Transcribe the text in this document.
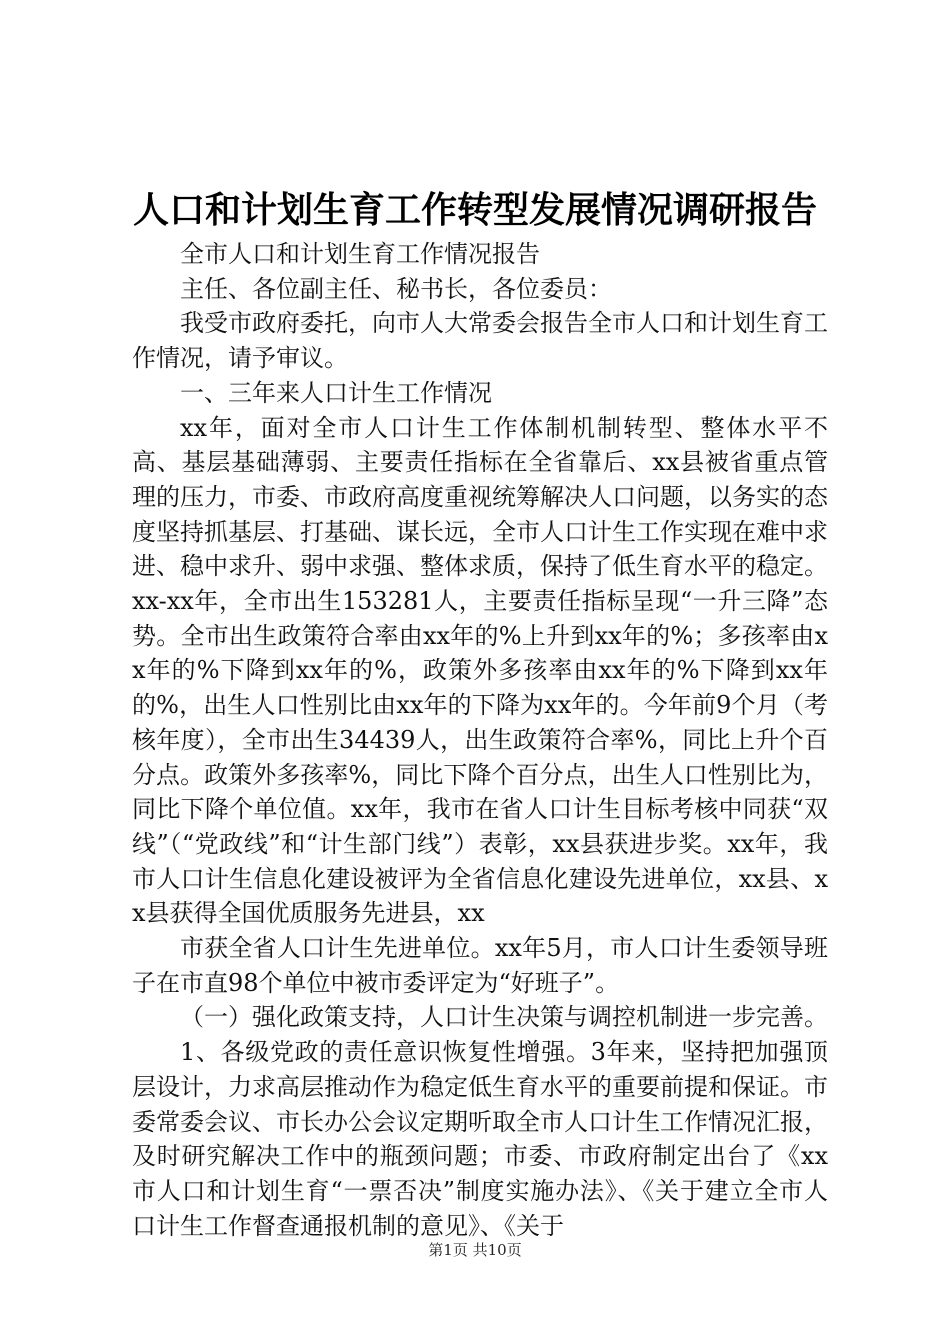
人口和计划生育工作转型发展情况调研报告

全市人口和计划生育工作情况报告

主任、各位副主任、秘书长，各位委员：

我受市政府委托，向市人大常委会报告全市人口和计划生育工作情况，请予审议。

一、三年来人口计生工作情况

xx年，面对全市人口计生工作体制机制转型、整体水平不高、基层基础薄弱、主要责任指标在全省靠后、xx县被省重点管理的压力，市委、市政府高度重视统筹解决人口问题，以务实的态度坚持抓基层、打基础、谋长远，全市人口计生工作实现在难中求进、稳中求升、弱中求强、整体求质，保持了低生育水平的稳定。xx-xx年，全市出生153281人，主要责任指标呈现“一升三降”态势。全市出生政策符合率由xx年的%上升到xx年的%；多孩率由xx年的%下降到xx年的%，政策外多孩率由xx年的%下降到xx年的%，出生人口性别比由xx年的下降为xx年的。今年前9个月（考核年度），全市出生34439人，出生政策符合率%，同比上升个百分点。政策外多孩率%，同比下降个百分点，出生人口性别比为，同比下降个单位值。xx年，我市在省人口计生目标考核中同获“双线”（“党政线”和“计生部门线”）表彰，xx县获进步奖。xx年，我市人口计生信息化建设被评为全省信息化建设先进单位，xx县、xx县获得全国优质服务先进县，xx

市获全省人口计生先进单位。xx年5月，市人口计生委领导班子在市直98个单位中被市委评定为“好班子”。

（一）强化政策支持，人口计生决策与调控机制进一步完善。

1、各级党政的责任意识恢复性增强。3年来，坚持把加强顶层设计，力求高层推动作为稳定低生育水平的重要前提和保证。市委常委会议、市长办公会议定期听取全市人口计生工作情况汇报，及时研究解决工作中的瓶颈问题；市委、市政府制定出台了《xx市人口和计划生育“一票否决”制度实施办法》、《关于建立全市人口计生工作督查通报机制的意见》、《关于

第1页 共10页
